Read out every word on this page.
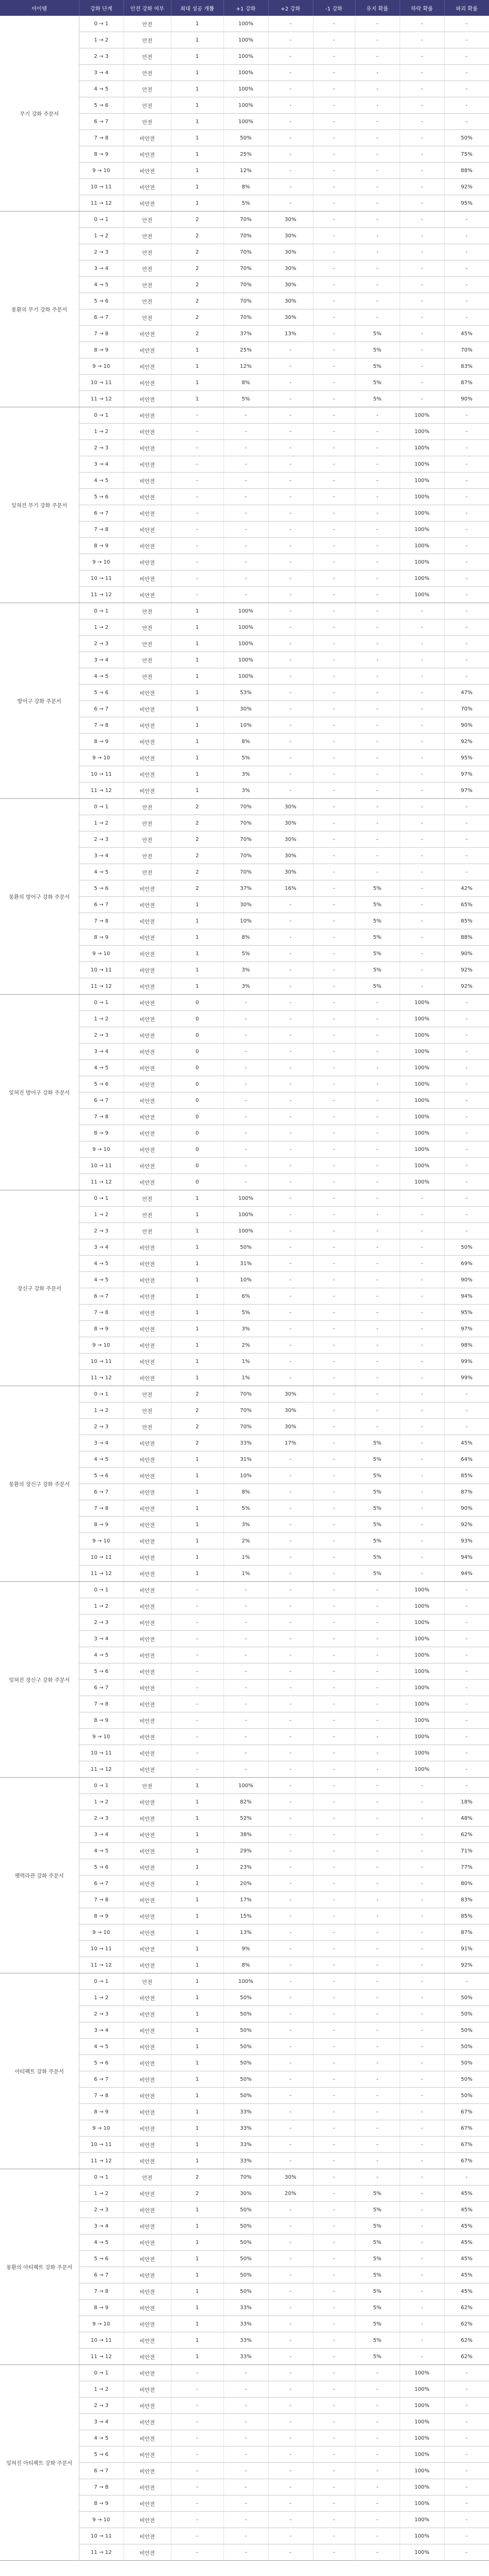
아이템	강화 단계	안전 강화 여부	최대 성공 개뽑	+1 강화	+2 강화	-1 강화	유지 확률	하락 확률	파괴 확률
무기 강화 주문서	0 → 1	안전	1	100%	-	-	-	-	-
	1 → 2	안전	1	100%	-	-	-	-	-
	2 → 3	안전	1	100%	-	-	-	-	-
	3 → 4	안전	1	100%	-	-	-	-	-
	4 → 5	안전	1	100%	-	-	-	-	-
	5 → 6	안전	1	100%	-	-	-	-	-
	6 → 7	안전	1	100%	-	-	-	-	-
	7 → 8	비안전	1	50%	-	-	-	-	50%
	8 → 9	비안전	1	25%	-	-	-	-	75%
	9 → 10	비안전	1	12%	-	-	-	-	88%
	10 → 11	비안전	1	8%	-	-	-	-	92%
	11 → 12	비안전	1	5%	-	-	-	-	95%
몽환의 무기 강화 주문서	0 → 1	안전	2	70%	30%	-	-	-	-
	1 → 2	안전	2	70%	30%	-	-	-	-
	2 → 3	안전	2	70%	30%	-	-	-	-
	3 → 4	안전	2	70%	30%	-	-	-	-
	4 → 5	안전	2	70%	30%	-	-	-	-
	5 → 6	안전	2	70%	30%	-	-	-	-
	6 → 7	안전	2	70%	30%	-	-	-	-
	7 → 8	비안전	2	37%	13%	-	5%	-	45%
	8 → 9	비안전	1	25%	-	-	5%	-	70%
	9 → 10	비안전	1	12%	-	-	5%	-	83%
	10 → 11	비안전	1	8%	-	-	5%	-	87%
	11 → 12	비안전	1	5%	-	-	5%	-	90%
잊혀진 무기 강화 주문서	0 → 1	비안전	-	-	-	-	-	100%	-
	1 → 2	비안전	-	-	-	-	-	100%	-
	2 → 3	비안전	-	-	-	-	-	100%	-
	3 → 4	비안전	-	-	-	-	-	100%	-
	4 → 5	비안전	-	-	-	-	-	100%	-
	5 → 6	비안전	-	-	-	-	-	100%	-
	6 → 7	비안전	-	-	-	-	-	100%	-
	7 → 8	비안전	-	-	-	-	-	100%	-
	8 → 9	비안전	-	-	-	-	-	100%	-
	9 → 10	비안전	-	-	-	-	-	100%	-
	10 → 11	비안전	-	-	-	-	-	100%	-
	11 → 12	비안전	-	-	-	-	-	100%	-
방어구 강화 주문서	0 → 1	안전	1	100%	-	-	-	-	-
	1 → 2	안전	1	100%	-	-	-	-	-
	2 → 3	안전	1	100%	-	-	-	-	-
	3 → 4	안전	1	100%	-	-	-	-	-
	4 → 5	안전	1	100%	-	-	-	-	-
	5 → 6	비안전	1	53%	-	-	-	-	47%
	6 → 7	비안전	1	30%	-	-	-	-	70%
	7 → 8	비안전	1	10%	-	-	-	-	90%
	8 → 9	비안전	1	8%	-	-	-	-	92%
	9 → 10	비안전	1	5%	-	-	-	-	95%
	10 → 11	비안전	1	3%	-	-	-	-	97%
	11 → 12	비안전	1	3%	-	-	-	-	97%
몽환의 방어구 강화 주문서	0 → 1	안전	2	70%	30%	-	-	-	-
	1 → 2	안전	2	70%	30%	-	-	-	-
	2 → 3	안전	2	70%	30%	-	-	-	-
	3 → 4	안전	2	70%	30%	-	-	-	-
	4 → 5	안전	2	70%	30%	-	-	-	-
	5 → 6	비안전	2	37%	16%	-	5%	-	42%
	6 → 7	비안전	1	30%	-	-	5%	-	65%
	7 → 8	비안전	1	10%	-	-	5%	-	85%
	8 → 9	비안전	1	8%	-	-	5%	-	88%
	9 → 10	비안전	1	5%	-	-	5%	-	90%
	10 → 11	비안전	1	3%	-	-	5%	-	92%
	11 → 12	비안전	1	3%	-	-	5%	-	92%
잊혀진 방어구 강화 주문서	0 → 1	비안전	0	-	-	-	-	100%	-
	1 → 2	비안전	0	-	-	-	-	100%	-
	2 → 3	비안전	0	-	-	-	-	100%	-
	3 → 4	비안전	0	-	-	-	-	100%	-
	4 → 5	비안전	0	-	-	-	-	100%	-
	5 → 6	비안전	0	-	-	-	-	100%	-
	6 → 7	비안전	0	-	-	-	-	100%	-
	7 → 8	비안전	0	-	-	-	-	100%	-
	8 → 9	비안전	0	-	-	-	-	100%	-
	9 → 10	비안전	0	-	-	-	-	100%	-
	10 → 11	비안전	0	-	-	-	-	100%	-
	11 → 12	비안전	0	-	-	-	-	100%	-
장신구 강화 주문서	0 → 1	안전	1	100%	-	-	-	-	-
	1 → 2	안전	1	100%	-	-	-	-	-
	2 → 3	안전	1	100%	-	-	-	-	-
	3 → 4	비안전	1	50%	-	-	-	-	50%
	4 → 5	비안전	1	31%	-	-	-	-	69%
	4 → 5	비안전	1	10%	-	-	-	-	90%
	6 → 7	비안전	1	6%	-	-	-	-	94%
	7 → 8	비안전	1	5%	-	-	-	-	95%
	8 → 9	비안전	1	3%	-	-	-	-	97%
	9 → 10	비안전	1	2%	-	-	-	-	98%
	10 → 11	비안전	1	1%	-	-	-	-	99%
	11 → 12	비안전	1	1%	-	-	-	-	99%
몽환의 장신구 강화 주문서	0 → 1	안전	2	70%	30%	-	-	-	-
	1 → 2	안전	2	70%	30%	-	-	-	-
	2 → 3	안전	2	70%	30%	-	-	-	-
	3 → 4	비안전	2	33%	17%	-	5%	-	45%
	4 → 5	비안전	1	31%	-	-	5%	-	64%
	5 → 6	비안전	1	10%	-	-	5%	-	85%
	6 → 7	비안전	1	8%	-	-	5%	-	87%
	7 → 8	비안전	1	5%	-	-	5%	-	90%
	8 → 9	비안전	1	3%	-	-	5%	-	92%
	9 → 10	비안전	1	2%	-	-	5%	-	93%
	10 → 11	비안전	1	1%	-	-	5%	-	94%
	11 → 12	비안전	1	1%	-	-	5%	-	94%
잊혀진 장신구 강화 주문서	0 → 1	비안전	-	-	-	-	-	100%	-
	1 → 2	비안전	-	-	-	-	-	100%	-
	2 → 3	비안전	-	-	-	-	-	100%	-
	3 → 4	비안전	-	-	-	-	-	100%	-
	4 → 5	비안전	-	-	-	-	-	100%	-
	5 → 6	비안전	-	-	-	-	-	100%	-
	6 → 7	비안전	-	-	-	-	-	100%	-
	7 → 8	비안전	-	-	-	-	-	100%	-
	8 → 9	비안전	-	-	-	-	-	100%	-
	9 → 10	비안전	-	-	-	-	-	100%	-
	10 → 11	비안전	-	-	-	-	-	100%	-
	11 → 12	비안전	-	-	-	-	-	100%	-
펫력라관 강화 주문서	0 → 1	안전	1	100%	-	-	-	-	-
	1 → 2	비안전	1	82%	-	-	-	-	18%
	2 → 3	비안전	1	52%	-	-	-	-	48%
	3 → 4	비안전	1	38%	-	-	-	-	62%
	4 → 5	비안전	1	29%	-	-	-	-	71%
	5 → 6	비안전	1	23%	-	-	-	-	77%
	6 → 7	비안전	1	20%	-	-	-	-	80%
	7 → 8	비안전	1	17%	-	-	-	-	83%
	8 → 9	비안전	1	15%	-	-	-	-	85%
	9 → 10	비안전	1	13%	-	-	-	-	87%
	10 → 11	비안전	1	9%	-	-	-	-	91%
	11 → 12	비안전	1	8%	-	-	-	-	92%
아티팩트 강화 주문서	0 → 1	안전	1	100%	-	-	-	-	-
	1 → 2	비안전	1	50%	-	-	-	-	50%
	2 → 3	비안전	1	50%	-	-	-	-	50%
	3 → 4	비안전	1	50%	-	-	-	-	50%
	4 → 5	비안전	1	50%	-	-	-	-	50%
	5 → 6	비안전	1	50%	-	-	-	-	50%
	6 → 7	비안전	1	50%	-	-	-	-	50%
	7 → 8	비안전	1	50%	-	-	-	-	50%
	8 → 9	비안전	1	33%	-	-	-	-	67%
	9 → 10	비안전	1	33%	-	-	-	-	67%
	10 → 11	비안전	1	33%	-	-	-	-	67%
	11 → 12	비안전	1	33%	-	-	-	-	67%
몽환의 아티팩트 강화 주문서	0 → 1	안전	2	70%	30%	-	-	-	-
	1 → 2	비안전	2	30%	20%	-	5%	-	45%
	2 → 3	비안전	1	50%	-	-	5%	-	45%
	3 → 4	비안전	1	50%	-	-	5%	-	45%
	4 → 5	비안전	1	50%	-	-	5%	-	45%
	5 → 6	비안전	1	50%	-	-	5%	-	45%
	6 → 7	비안전	1	50%	-	-	5%	-	45%
	7 → 8	비안전	1	50%	-	-	5%	-	45%
	8 → 9	비안전	1	33%	-	-	5%	-	62%
	9 → 10	비안전	1	33%	-	-	5%	-	62%
	10 → 11	비안전	1	33%	-	-	5%	-	62%
	11 → 12	비안전	1	33%	-	-	5%	-	62%
잊혀진 아티팩트 강화 주문서	0 → 1	비안전	-	-	-	-	-	100%	-
	1 → 2	비안전	-	-	-	-	-	100%	-
	2 → 3	비안전	-	-	-	-	-	100%	-
	3 → 4	비안전	-	-	-	-	-	100%	-
	4 → 5	비안전	-	-	-	-	-	100%	-
	5 → 6	비안전	-	-	-	-	-	100%	-
	6 → 7	비안전	-	-	-	-	-	100%	-
	7 → 8	비안전	-	-	-	-	-	100%	-
	8 → 9	비안전	-	-	-	-	-	100%	-
	9 → 10	비안전	-	-	-	-	-	100%	-
	10 → 11	비안전	-	-	-	-	-	100%	-
	11 → 12	비안전	-	-	-	-	-	100%	-
